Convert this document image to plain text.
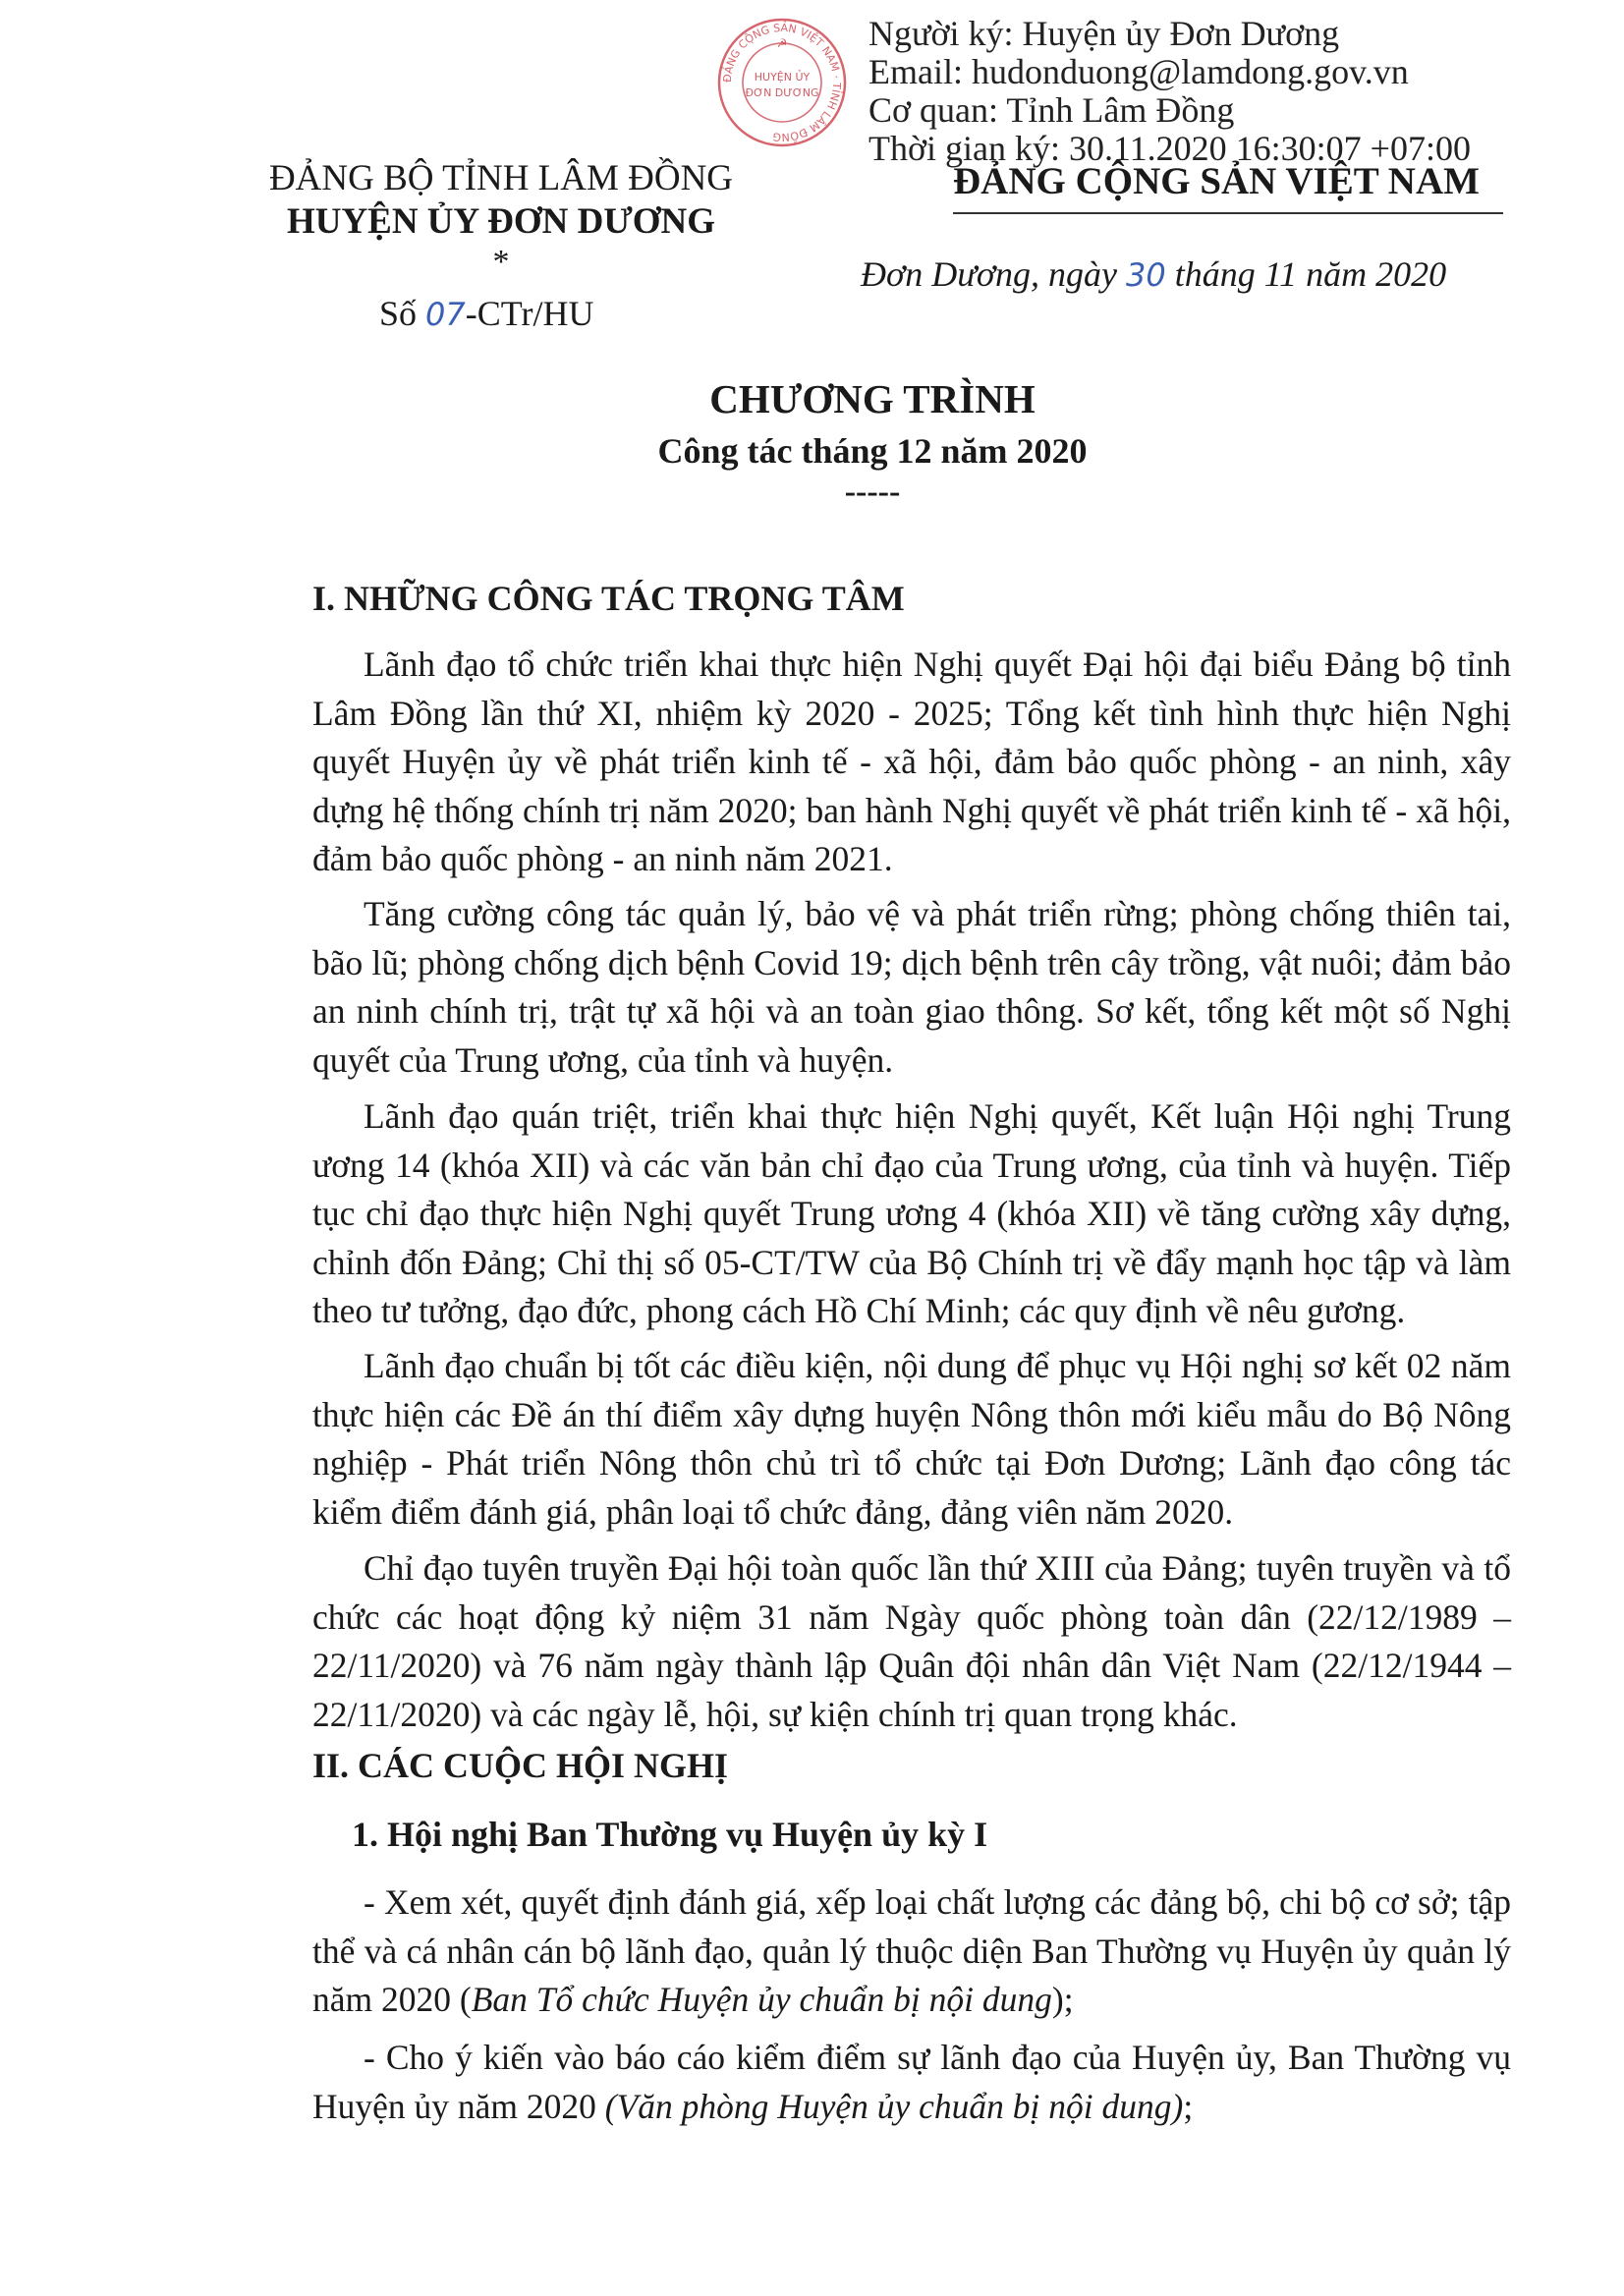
Người ký: Huyện ủy Đơn Dương
Email: hudonduong@lamdong.gov.vn
Cơ quan: Tỉnh Lâm Đồng
Thời gian ký: 30.11.2020 16:30:07 +07:00
ĐẢNG CỘNG SẢN VIỆT NAM · TỈNH LÂM ĐỒNG
☭
HUYỆN ỦY
ĐƠN DƯƠNG
ĐẢNG BỘ TỈNH LÂM ĐỒNG
HUYỆN ỦY ĐƠN DƯƠNG
*
Số 07-CTr/HU
ĐẢNG CỘNG SẢN VIỆT NAM
Đơn Dương, ngày 30 tháng 11 năm 2020
CHƯƠNG TRÌNH
Công tác tháng 12 năm 2020
-----
I. NHỮNG CÔNG TÁC TRỌNG TÂM
Lãnh đạo tổ chức triển khai thực hiện Nghị quyết Đại hội đại biểu Đảng bộ tỉnh Lâm Đồng lần thứ XI, nhiệm kỳ 2020 - 2025; Tổng kết tình hình thực hiện Nghị quyết Huyện ủy về phát triển kinh tế - xã hội, đảm bảo quốc phòng - an ninh, xây dựng hệ thống chính trị năm 2020; ban hành Nghị quyết về phát triển kinh tế - xã hội, đảm bảo quốc phòng - an ninh năm 2021.
Tăng cường công tác quản lý, bảo vệ và phát triển rừng; phòng chống thiên tai, bão lũ; phòng chống dịch bệnh Covid 19; dịch bệnh trên cây trồng, vật nuôi; đảm bảo an ninh chính trị, trật tự xã hội và an toàn giao thông. Sơ kết, tổng kết một số Nghị quyết của Trung ương, của tỉnh và huyện.
Lãnh đạo quán triệt, triển khai thực hiện Nghị quyết, Kết luận Hội nghị Trung ương 14 (khóa XII) và các văn bản chỉ đạo của Trung ương, của tỉnh và huyện. Tiếp tục chỉ đạo thực hiện Nghị quyết Trung ương 4 (khóa XII) về tăng cường xây dựng, chỉnh đốn Đảng; Chỉ thị số 05-CT/TW của Bộ Chính trị về đẩy mạnh học tập và làm theo tư tưởng, đạo đức, phong cách Hồ Chí Minh; các quy định về nêu gương.
Lãnh đạo chuẩn bị tốt các điều kiện, nội dung để phục vụ Hội nghị sơ kết 02 năm thực hiện các Đề án thí điểm xây dựng huyện Nông thôn mới kiểu mẫu do Bộ Nông nghiệp - Phát triển Nông thôn chủ trì tổ chức tại Đơn Dương; Lãnh đạo công tác kiểm điểm đánh giá, phân loại tổ chức đảng, đảng viên năm 2020.
Chỉ đạo tuyên truyền Đại hội toàn quốc lần thứ XIII của Đảng; tuyên truyền và tổ chức các hoạt động kỷ niệm 31 năm Ngày quốc phòng toàn dân (22/12/1989 – 22/11/2020) và 76 năm ngày thành lập Quân đội nhân dân Việt Nam (22/12/1944 – 22/11/2020) và các ngày lễ, hội, sự kiện chính trị quan trọng khác.
II. CÁC CUỘC HỘI NGHỊ
1. Hội nghị Ban Thường vụ Huyện ủy kỳ I
- Xem xét, quyết định đánh giá, xếp loại chất lượng các đảng bộ, chi bộ cơ sở; tập thể và cá nhân cán bộ lãnh đạo, quản lý thuộc diện Ban Thường vụ Huyện ủy quản lý năm 2020 (Ban Tổ chức Huyện ủy chuẩn bị nội dung);
- Cho ý kiến vào báo cáo kiểm điểm sự lãnh đạo của Huyện ủy, Ban Thường vụ Huyện ủy năm 2020 (Văn phòng Huyện ủy chuẩn bị nội dung);
